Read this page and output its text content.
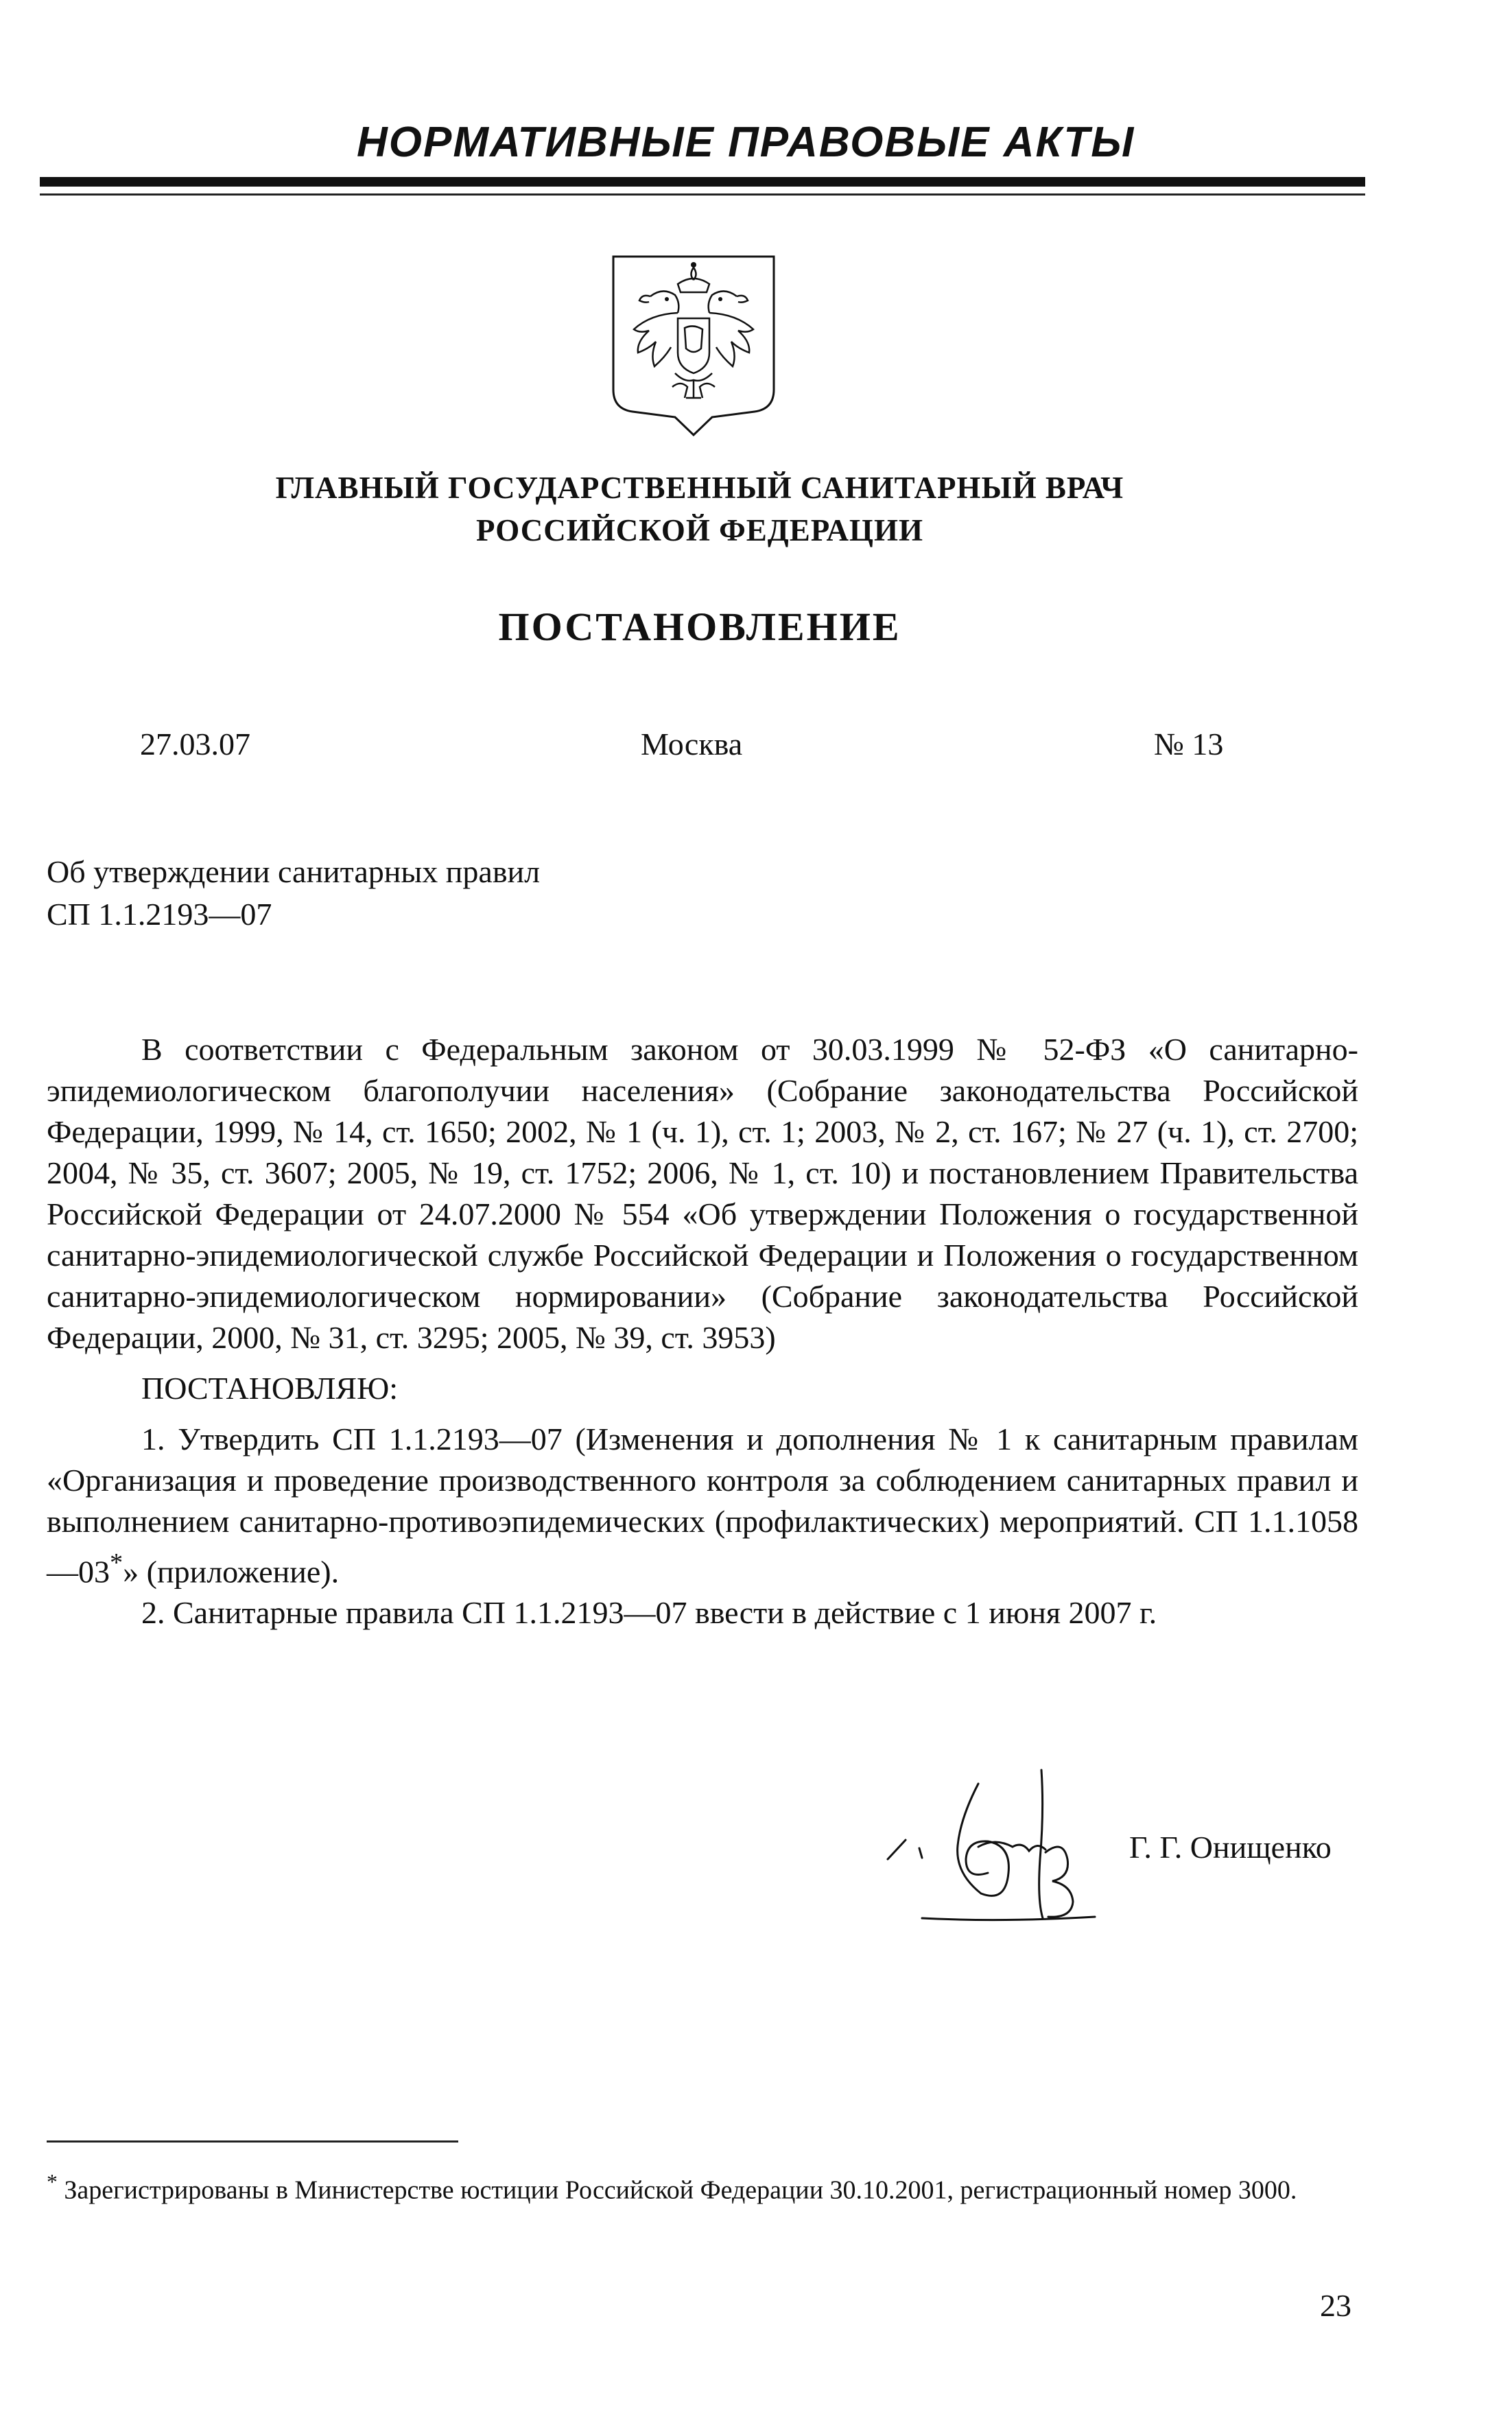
НОРМАТИВНЫЕ ПРАВОВЫЕ АКТЫ
ГЛАВНЫЙ ГОСУДАРСТВЕННЫЙ САНИТАРНЫЙ ВРАЧ
РОССИЙСКОЙ ФЕДЕРАЦИИ
ПОСТАНОВЛЕНИЕ
27.03.07	Москва	№ 13
Об утверждении санитарных правил
СП 1.1.2193—07

В соответствии с Федеральным законом от 30.03.1999 № 52-ФЗ «О санитарно-эпидемиологическом благополучии населения» (Собрание законодательства Российской Федерации, 1999, № 14, ст. 1650; 2002, № 1 (ч. 1), ст. 1; 2003, № 2, ст. 167; № 27 (ч. 1), ст. 2700; 2004, № 35, ст. 3607; 2005, № 19, ст. 1752; 2006, № 1, ст. 10) и постановлением Правительства Российской Федерации от 24.07.2000 № 554 «Об утверждении Положения о государственной санитарно-эпидемиологической службе Российской Федерации и Положения о государственном санитарно-эпидемиологическом нормировании» (Собрание законодательства Российской Федерации, 2000, № 31, ст. 3295; 2005, № 39, ст. 3953)

ПОСТАНОВЛЯЮ:

1. Утвердить СП 1.1.2193—07 (Изменения и дополнения № 1 к санитарным правилам «Организация и проведение производственного контроля за соблюдением санитарных правил и выполнением санитарно-противоэпидемических (профилактических) мероприятий. СП 1.1.1058—03*» (приложение).

2. Санитарные правила СП 1.1.2193—07 ввести в действие с 1 июня 2007 г.

Г. Г. Онищенко
* Зарегистрированы в Министерстве юстиции Российской Федерации 30.10.2001, регистрационный номер 3000.
23
